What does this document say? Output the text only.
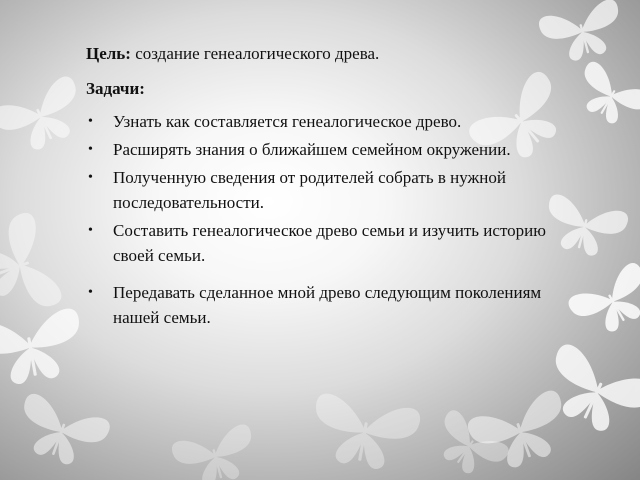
Цель: создание генеалогического древа.

Задачи:

• Узнать как составляется генеалогическое древо.
• Расширять знания о ближайшем семейном окружении.
• Полученную сведения от родителей собрать в нужной последовательности.
• Составить генеалогическое древо семьи и изучить историю своей семьи.
• Передавать сделанное мной древо следующим поколениям нашей семьи.
